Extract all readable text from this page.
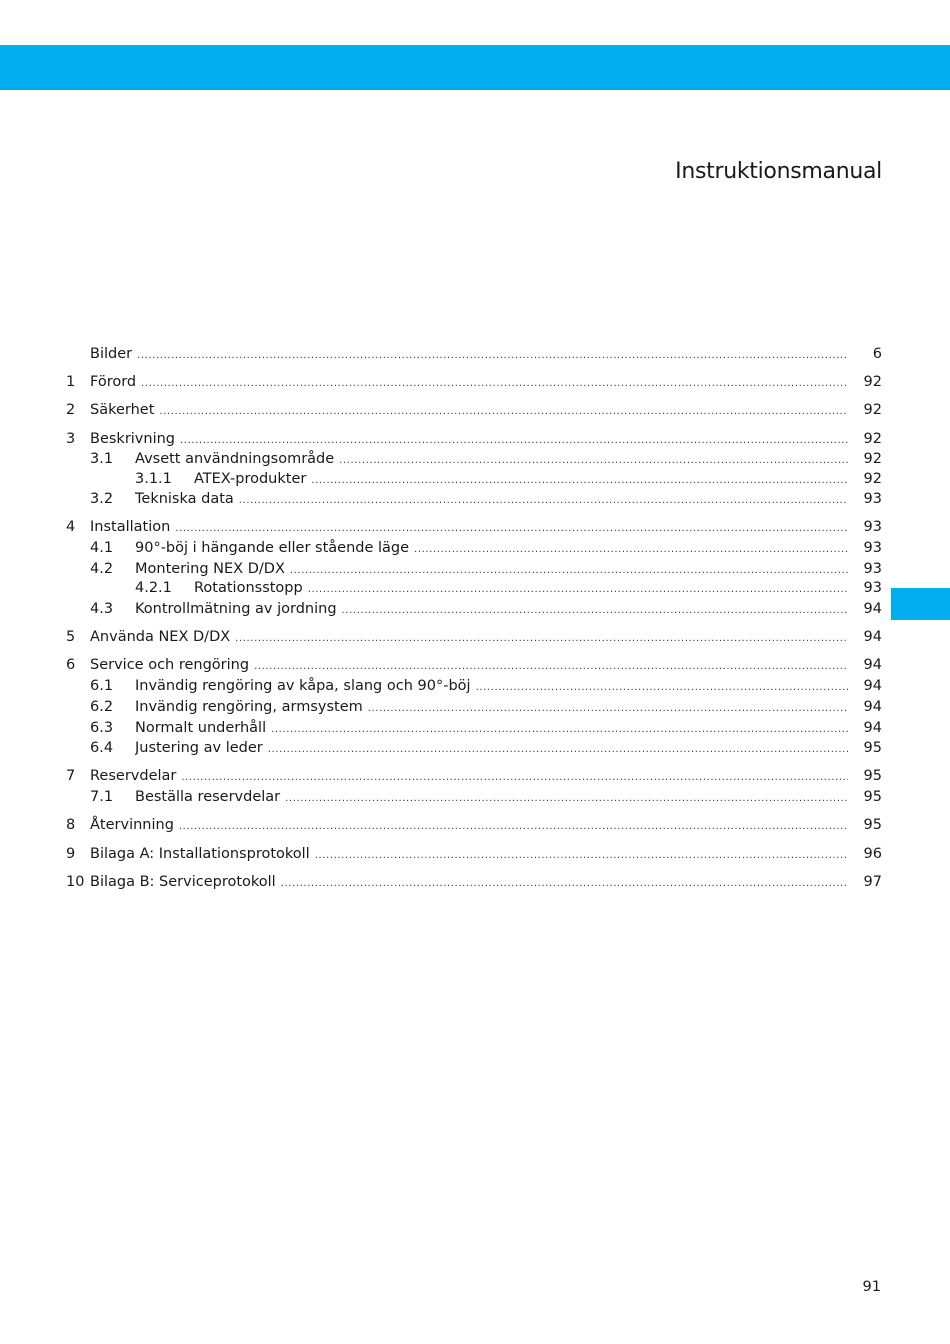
Instruktionsmanual
Bilder .....	6
1 Förord .....	92
2 Säkerhet .....	92
3 Beskrivning .....	92
3.1 Avsett användningsområde .....	92
3.1.1 ATEX-produkter .....	92
3.2 Tekniska data .....	93
4 Installation .....	93
4.1 90°-böj i hängande eller stående läge .....	93
4.2 Montering NEX D/DX .....	93
4.2.1 Rotationsstopp .....	93
4.3 Kontrollmätning av jordning .....	94
5 Använda NEX D/DX .....	94
6 Service och rengöring .....	94
6.1 Invändig rengöring av kåpa, slang och 90°-böj .....	94
6.2 Invändig rengöring, armsystem .....	94
6.3 Normalt underhåll .....	94
6.4 Justering av leder .....	95
7 Reservdelar .....	95
7.1 Beställa reservdelar .....	95
8 Återvinning .....	95
9 Bilaga A: Installationsprotokoll .....	96
10 Bilaga B: Serviceprotokoll .....	97
91
